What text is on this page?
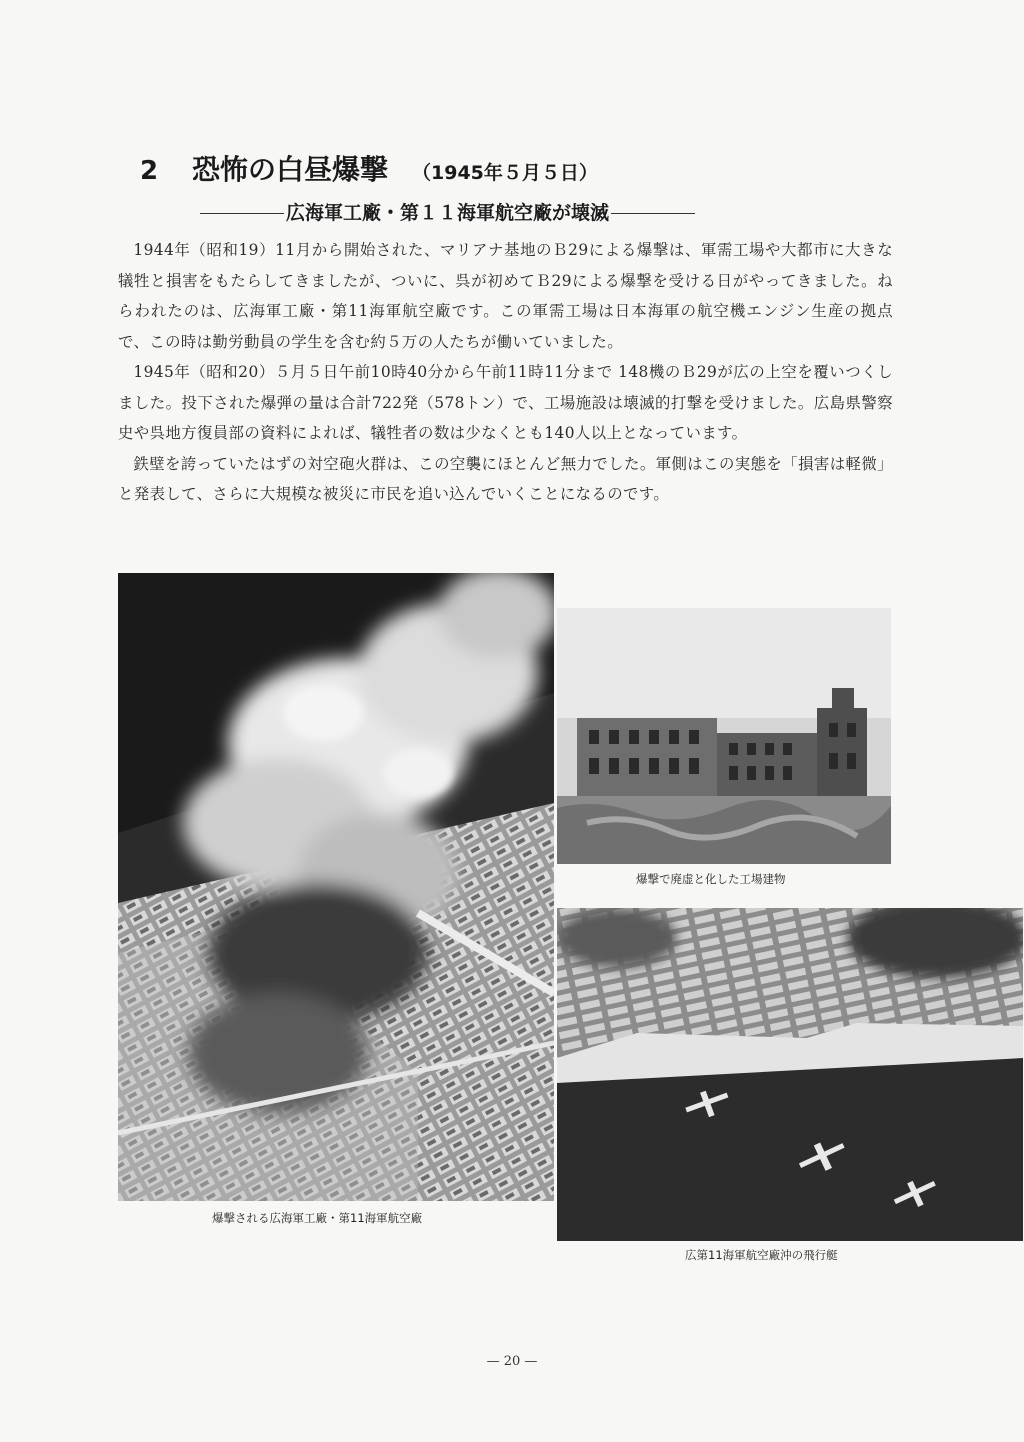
2 恐怖の白昼爆撃 （1945年５月５日）
広海軍工廠・第１１海軍航空廠が壊滅

1944年（昭和19）11月から開始された、マリアナ基地のＢ29による爆撃は、軍需工場や大都市に大きな犠牲と損害をもたらしてきましたが、ついに、呉が初めてＢ29による爆撃を受ける日がやってきました。ねらわれたのは、広海軍工廠・第11海軍航空廠です。この軍需工場は日本海軍の航空機エンジン生産の拠点で、この時は勤労動員の学生を含む約５万の人たちが働いていました。

1945年（昭和20）５月５日午前10時40分から午前11時11分まで 148機のＢ29が広の上空を覆いつくしました。投下された爆弾の量は合計722発（578トン）で、工場施設は壊滅的打撃を受けました。広島県警察史や呉地方復員部の資料によれば、犠牲者の数は少なくとも140人以上となっています。

鉄壁を誇っていたはずの対空砲火群は、この空襲にほとんど無力でした。軍側はこの実態を「損害は軽微」と発表して、さらに大規模な被災に市民を追い込んでいくことになるのです。

爆撃される広海軍工廠・第11海軍航空廠
爆撃で廃虚と化した工場建物
広第11海軍航空廠沖の飛行艇
— 20 —
